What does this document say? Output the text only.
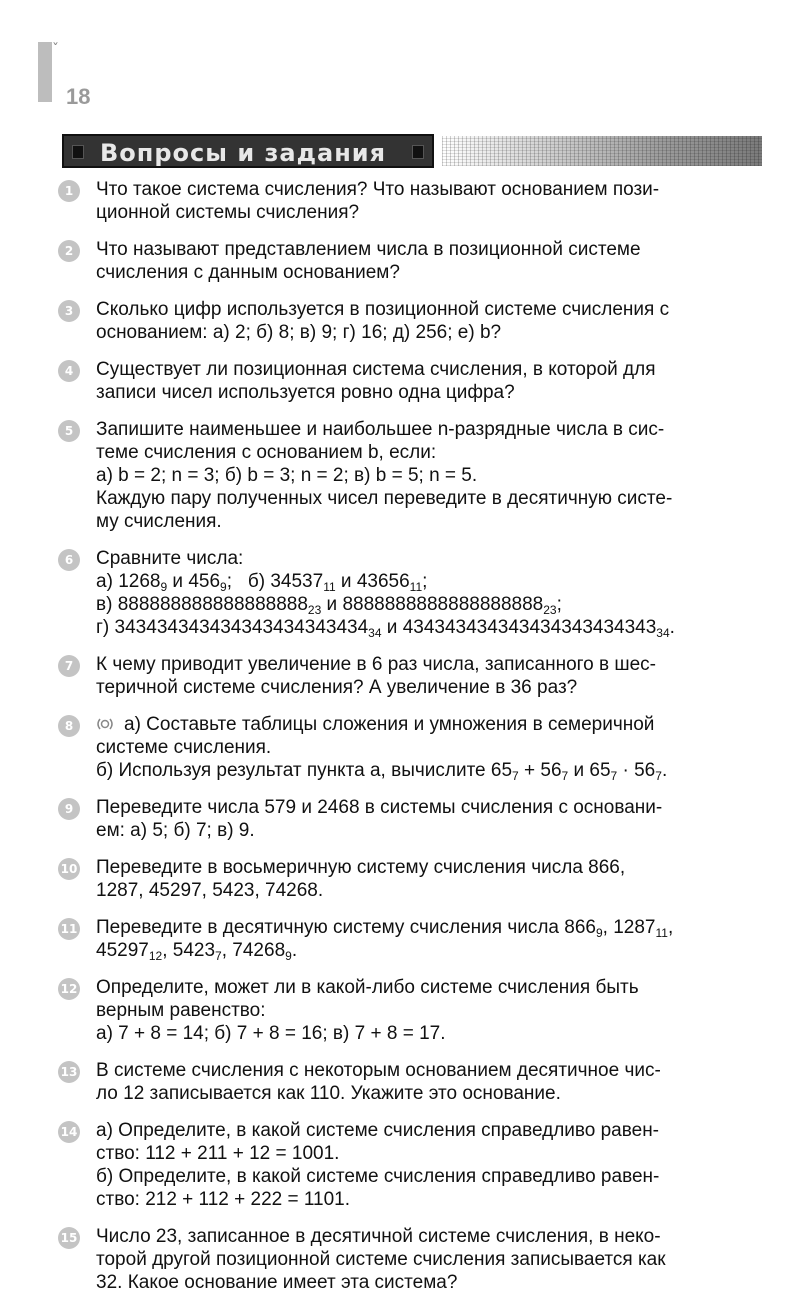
ˇ
18
Вопросы и задания
1	Что такое система счисления? Что называют основанием пози-
ционной системы счисления?
2	Что называют представлением числа в позиционной системе
счисления с данным основанием?
3	Сколько цифр используется в позиционной системе счисления с
основанием: а) 2; б) 8; в) 9; г) 16; д) 256; е) b?
4	Существует ли позиционная система счисления, в которой для
записи чисел используется ровно одна цифра?
5	Запишите наименьшее и наибольшее n-разрядные числа в сис-
теме счисления с основанием b, если:
а) b = 2; n = 3; б) b = 3; n = 2; в) b = 5; n = 5.
Каждую пару полученных чисел переведите в десятичную систе-
му счисления.
6	Сравните числа:
а) $1268_9$ и $456_9$; б) $34537_{11}$ и $43656_{11}$;
в) $888888888888888888_{23}$ и $8888888888888888888_{23}$;
г) $343434343434343434343434_{34}$ и $434343434343434343434343_{34}$.
7	К чему приводит увеличение в 6 раз числа, записанного в шес-
теричной системе счисления? А увеличение в 36 раз?
8	а) Составьте таблицы сложения и умножения в семеричной
системе счисления.
б) Используя результат пункта а, вычислите $65_7 + 56_7$ и $65_7 \cdot 56_7$.
9	Переведите числа 579 и 2468 в системы счисления с основани-
ем: а) 5; б) 7; в) 9.
10 Переведите в восьмеричную систему счисления числа 866,
1287, 45297, 5423, 74268.
11 Переведите в десятичную систему счисления числа $866_9$, $1287_{11}$,
$45297_{12}$, $5423_7$, $74268_9$.
12 Определите, может ли в какой-либо системе счисления быть
верным равенство:
а) 7 + 8 = 14; б) 7 + 8 = 16; в) 7 + 8 = 17.
13 В системе счисления с некоторым основанием десятичное чис-
ло 12 записывается как 110. Укажите это основание.
14 а) Определите, в какой системе счисления справедливо равен-
ство: 112 + 211 + 12 = 1001.
б) Определите, в какой системе счисления справедливо равен-
ство: 212 + 112 + 222 = 1101.
15 Число 23, записанное в десятичной системе счисления, в неко-
торой другой позиционной системе счисления записывается как
32. Какое основание имеет эта система?
